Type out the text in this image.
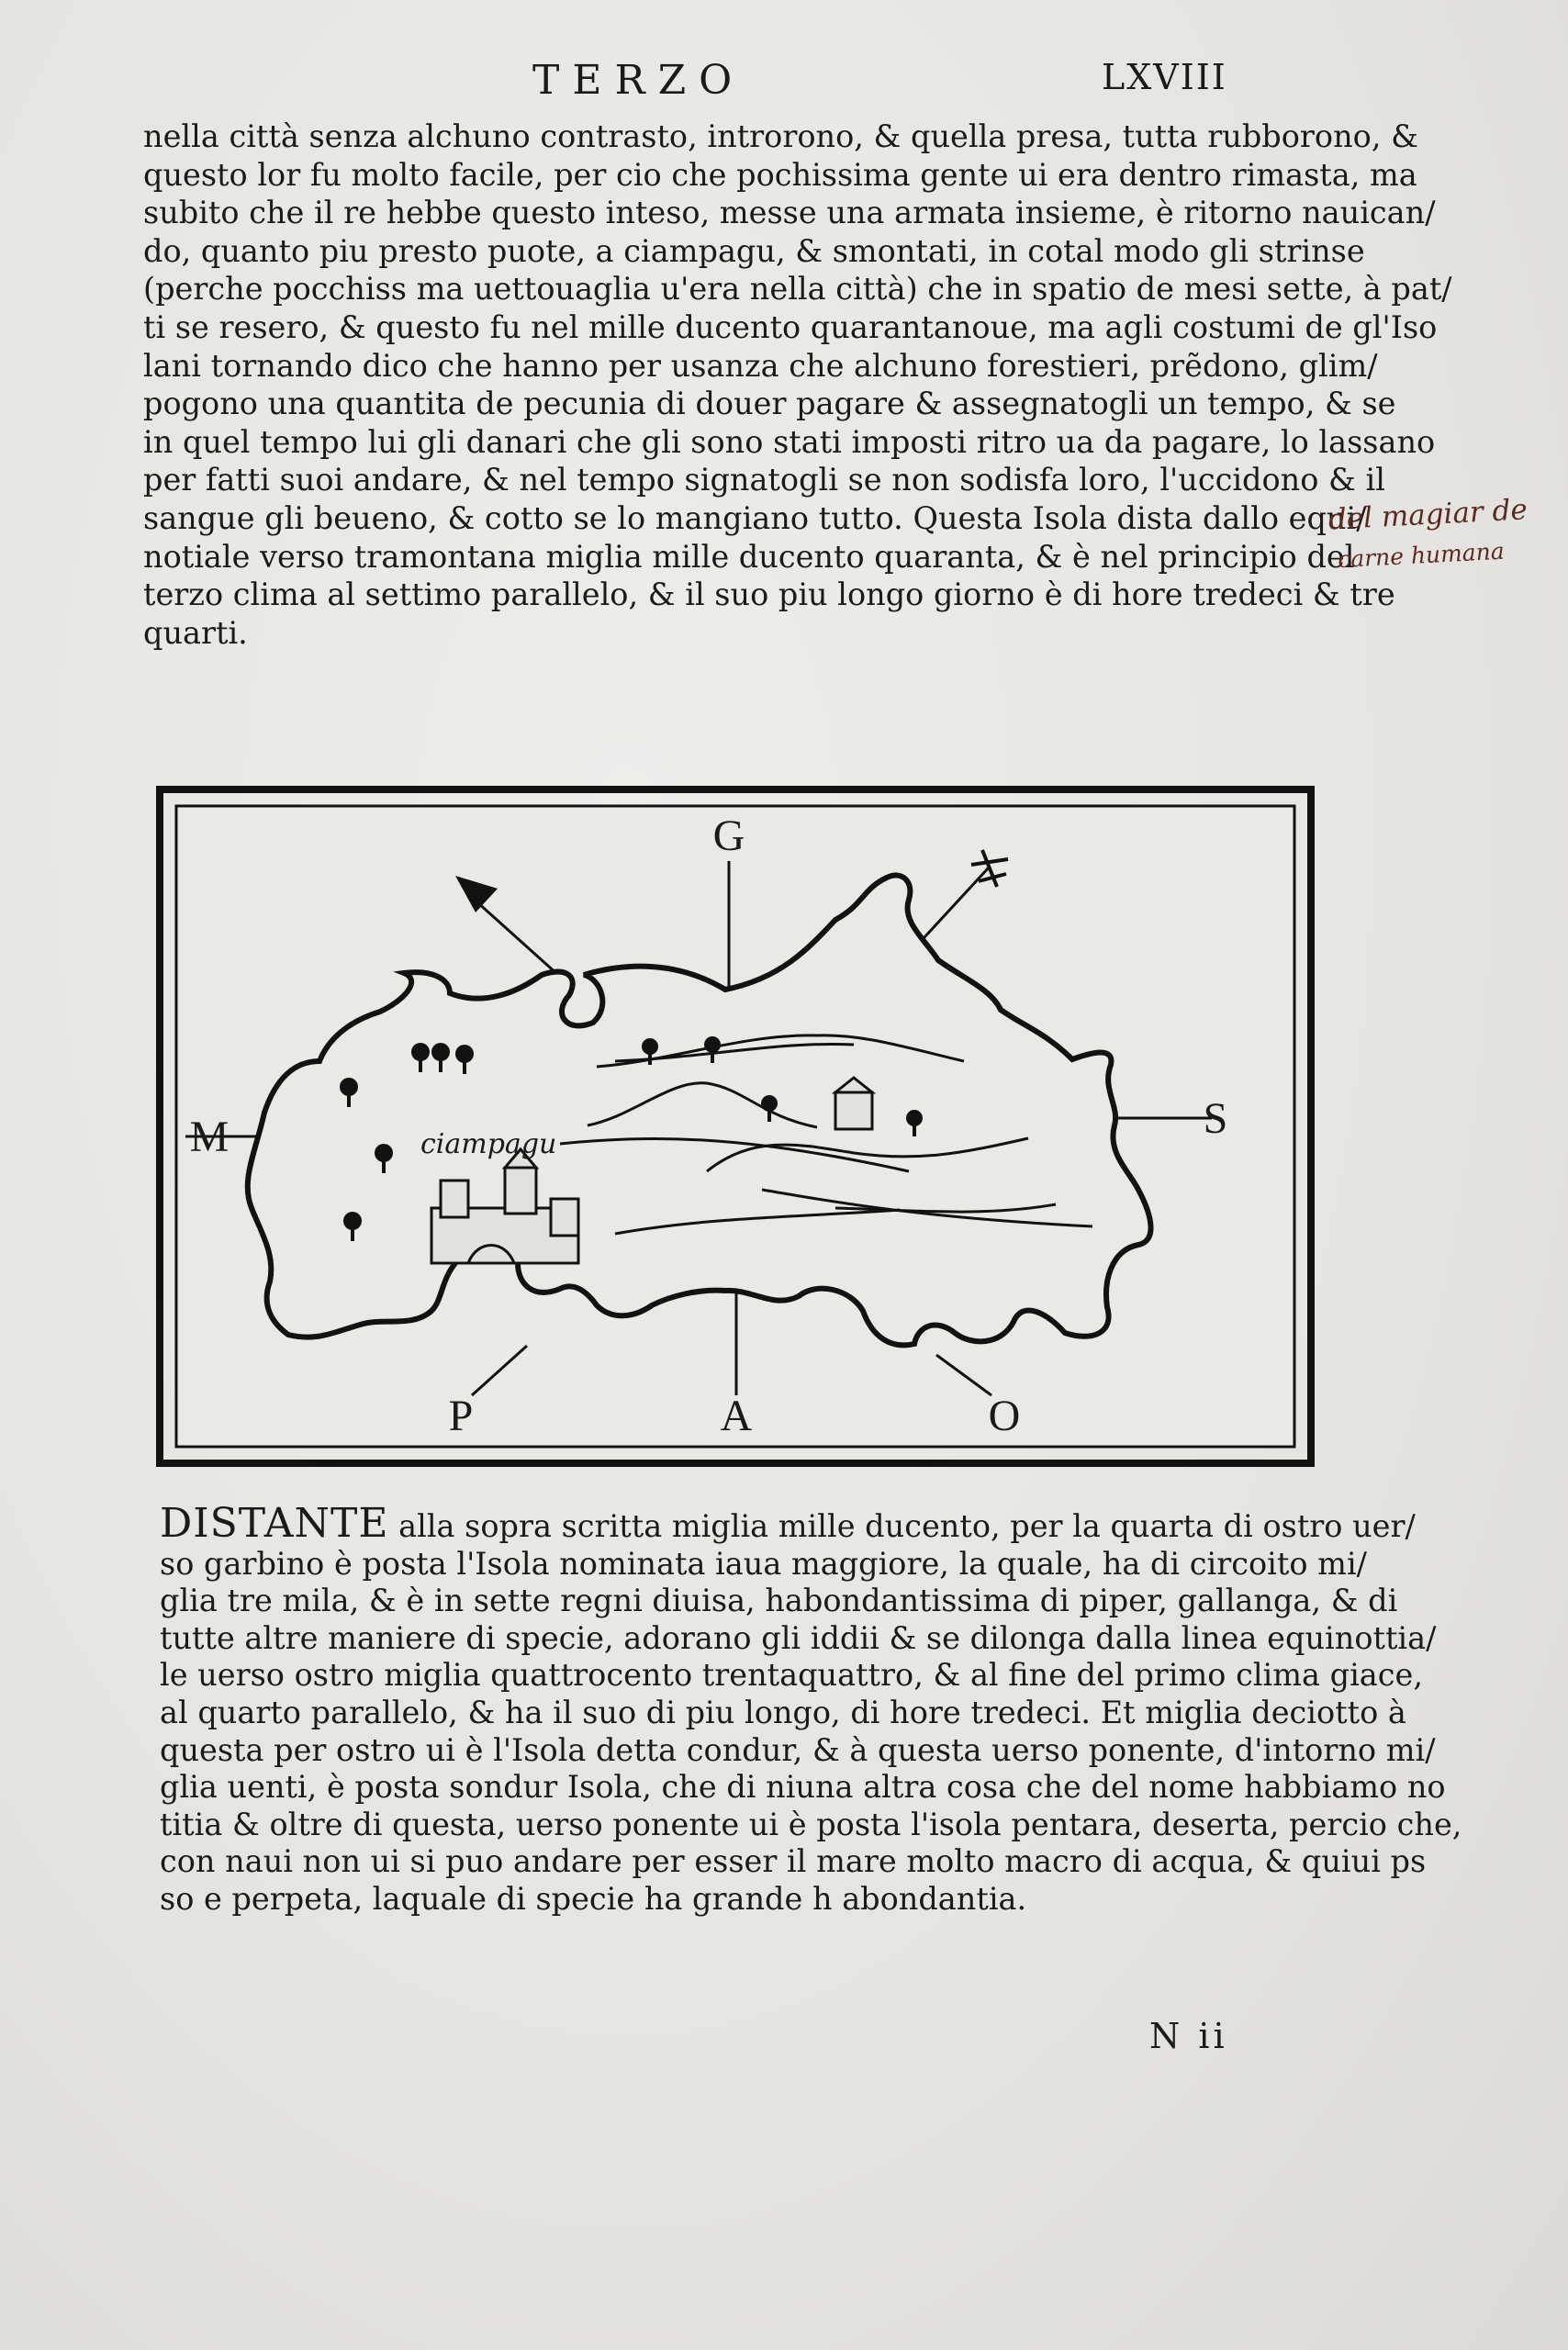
TERZO	LXVIII
nella città senza alchuno contrasto, introrono, & quella presa, tutta rubborono, &
questo lor fu molto facile, per cio che pochissima gente ui era dentro rimasta, ma
subito che il re hebbe questo inteso, messe una armata insieme, è ritorno nauican/
do, quanto piu presto puote, a ciampagu, & smontati, in cotal modo gli strinse
(perche pocchiss ma uettouaglia u'era nella città) che in spatio de mesi sette, à pat/
ti se resero, & questo fu nel mille ducento quarantanoue, ma agli costumi de gl'Iso
lani tornando dico che hanno per usanza che alchuno forestieri, prẽdono, glim/
pogono una quantita de pecunia di douer pagare & assegnatogli un tempo, & se
in quel tempo lui gli danari che gli sono stati imposti ritro ua da pagare, lo lassano
per fatti suoi andare, & nel tempo signatogli se non sodisfa loro, l'uccidono & il
sangue gli beueno, & cotto se lo mangiano tutto. Questa Isola dista dallo equi/
notiale verso tramontana miglia mille ducento quaranta, & è nel principio del
terzo clima al settimo parallelo, & il suo piu longo giorno è di hore tredeci & tre
quarti.
del magiar de
carne humana
ciampagu
G
S
A
M
P	O
DISTANTE alla sopra scritta miglia mille ducento, per la quarta di ostro uer/
so garbino è posta l'Isola nominata iaua maggiore, la quale, ha di circoito mi/
glia tre mila, & è in sette regni diuisa, habondantissima di piper, gallanga, & di
tutte altre maniere di specie, adorano gli iddii & se dilonga dalla linea equinottia/
le uerso ostro miglia quattrocento trentaquattro, & al fine del primo clima giace,
al quarto parallelo, & ha il suo di piu longo, di hore tredeci. Et miglia deciotto à
questa per ostro ui è l'Isola detta condur, & à questa uerso ponente, d'intorno mi/
glia uenti, è posta sondur Isola, che di niuna altra cosa che del nome habbiamo no
titia & oltre di questa, uerso ponente ui è posta l'isola pentara, deserta, percio che,
con naui non ui si puo andare per esser il mare molto macro di acqua, & quiui ps
so e perpeta, laquale di specie ha grande h abondantia.
N ii
